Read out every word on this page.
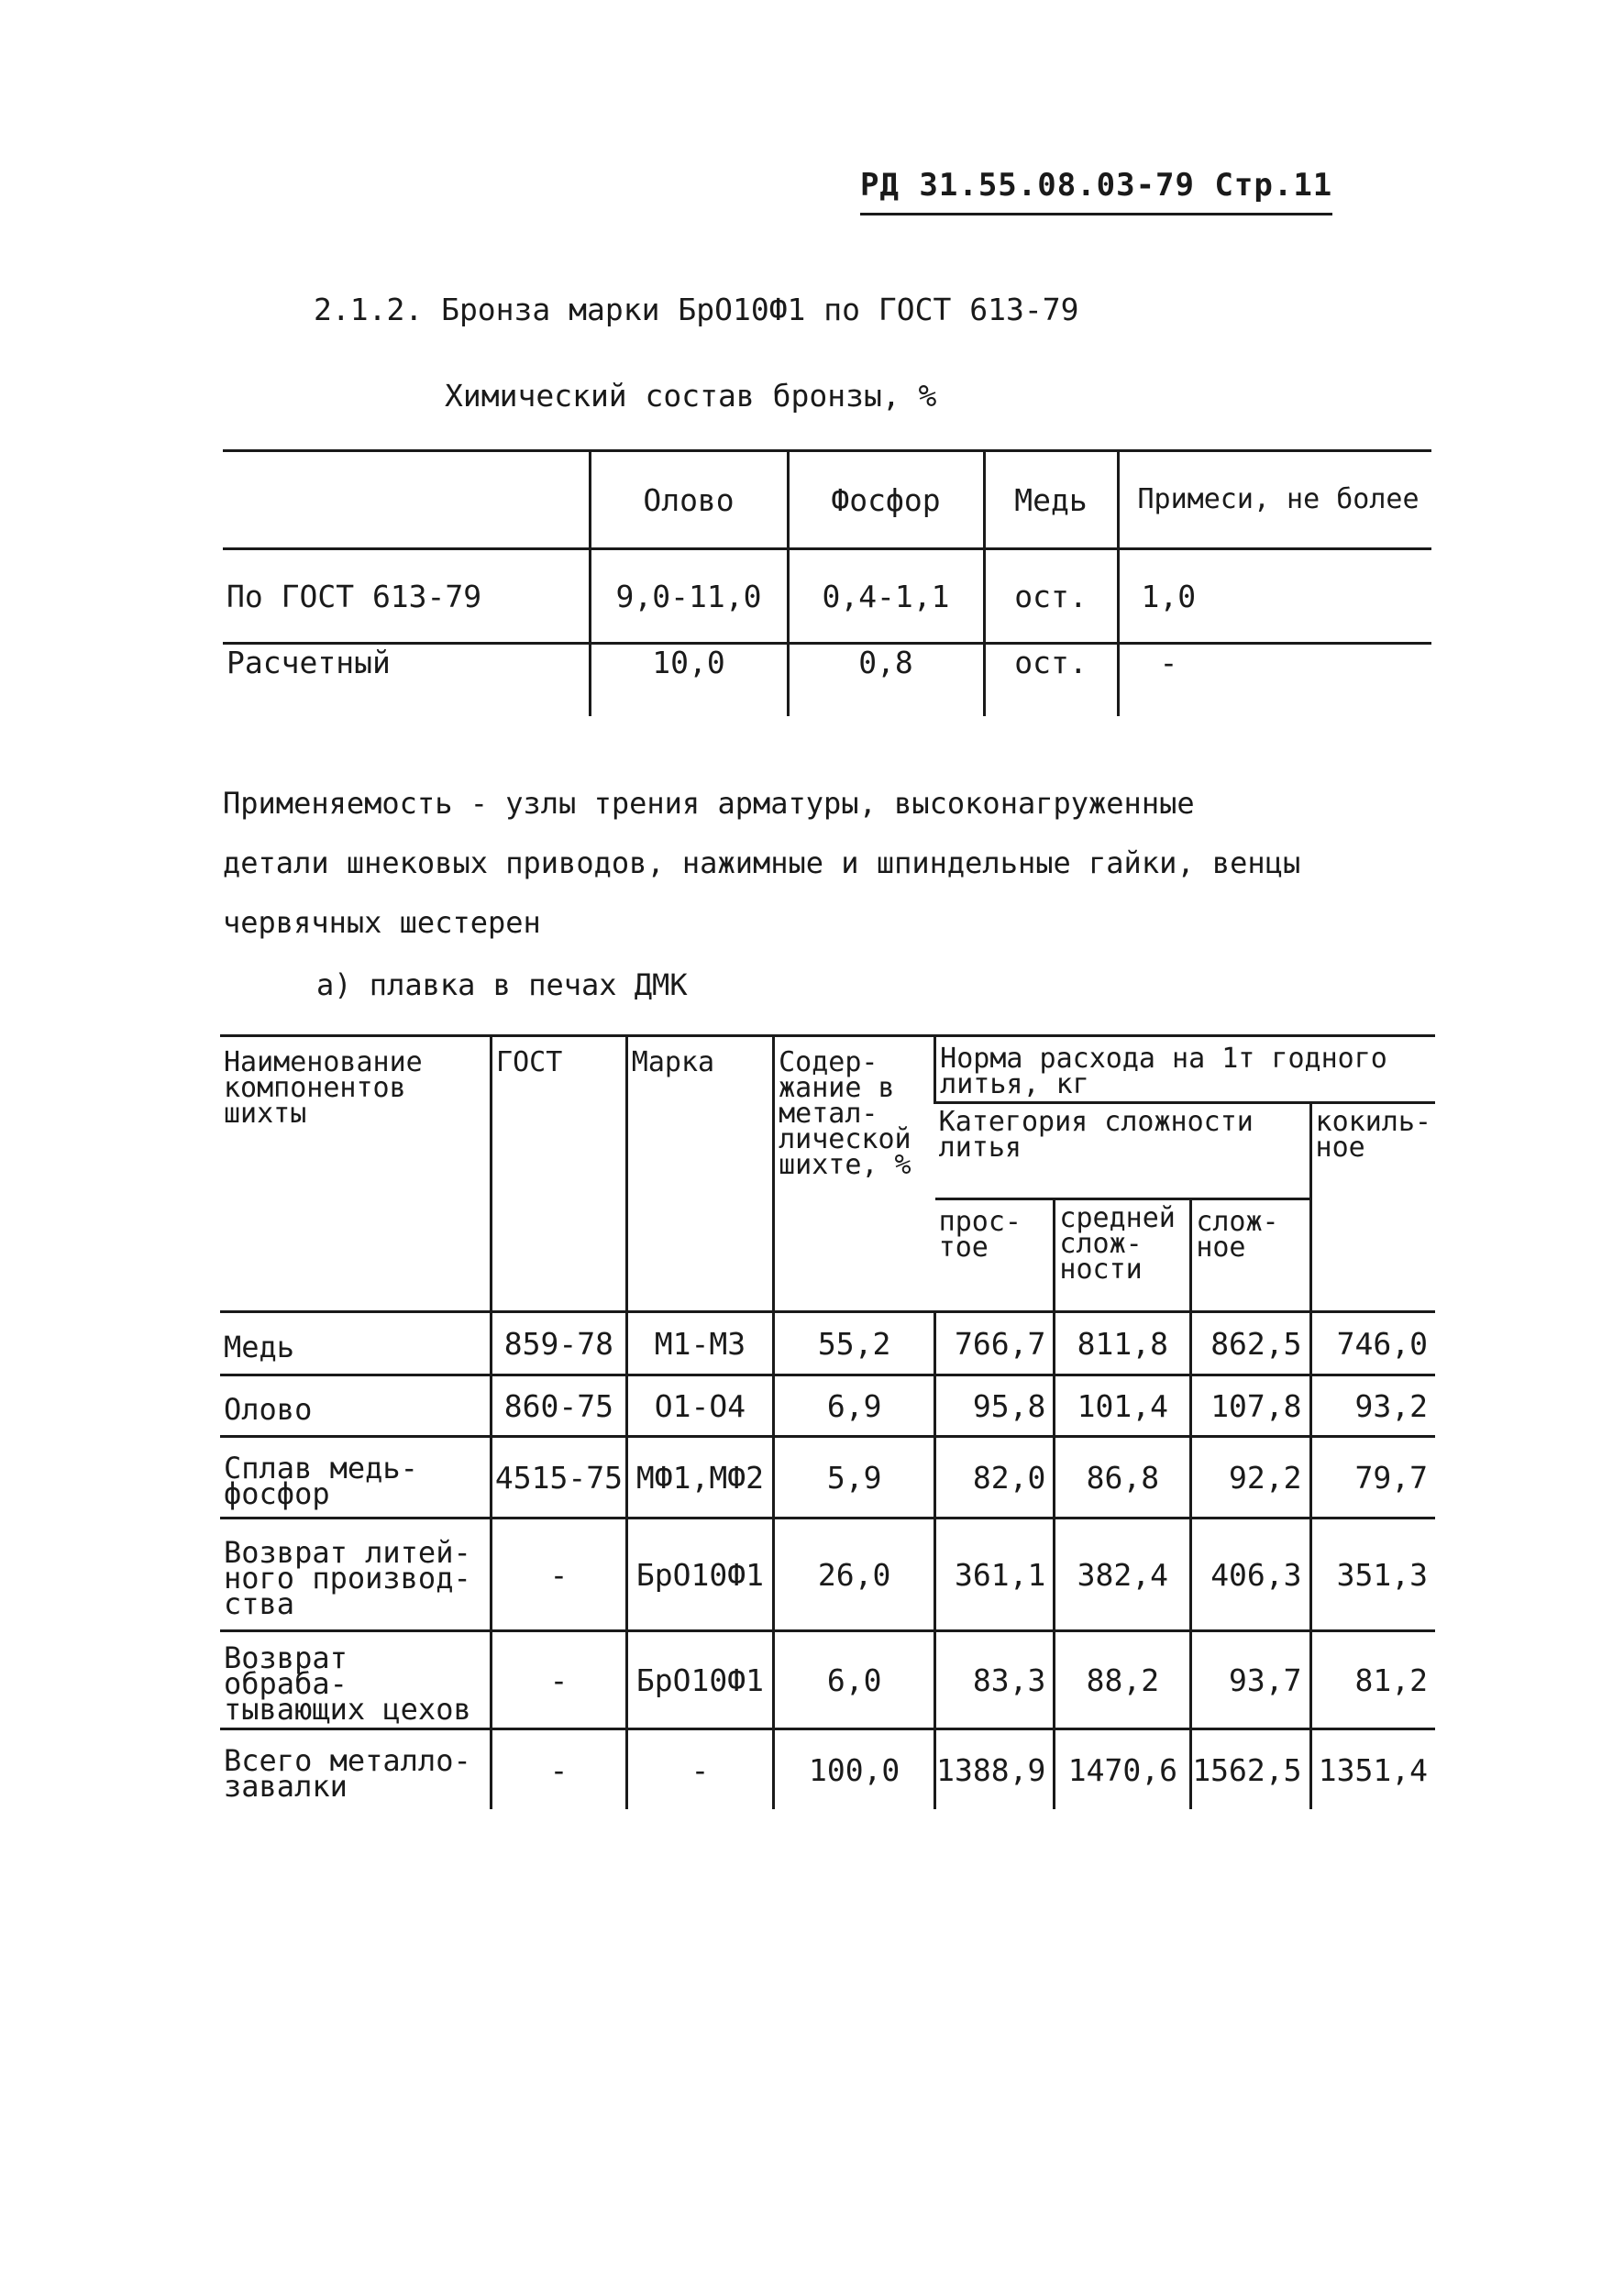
РД 31.55.08.03-79 Стр.11
2.1.2. Бронза марки БрО10Ф1 по ГОСТ 613-79
Химический состав бронзы, %
	Олово	Фосфор	Медь	Примеси, не более
По ГОСТ 613-79	9,0-11,0	0,4-1,1	ост.	1,0
Расчетный	10,0	0,8	ост.	-
Применяемость - узлы трения арматуры, высоконагруженные
детали шнековых приводов, нажимные и шпиндельные гайки, венцы
червячных шестерен
а) плавка в печах ДМК
Наименование компонентов шихты	ГОСТ	Марка	Содер-жание в метал-лической шихте, %	Норма расхода на 1т годного литья, кг			
				Категория сложности литья			кокиль-ное
				прос-тое	средней слож-ности	слож-ное	
Медь	859-78	M1-M3	55,2	766,7	811,8	862,5	746,0
Олово	860-75	O1-O4	6,9	95,8	101,4	107,8	93,2
Сплав медь-фосфор	4515-75	МФ1,МФ2	5,9	82,0	86,8	92,2	79,7
Возврат литей-ного производ-ства	-	БрО10Ф1	26,0	361,1	382,4	406,3	351,3
Возврат обраба-тывающих цехов	-	БрО10Ф1	6,0	83,3	88,2	93,7	81,2
Всего металло-завалки	-	-	100,0	1388,9	1470,6	1562,5	1351,4
